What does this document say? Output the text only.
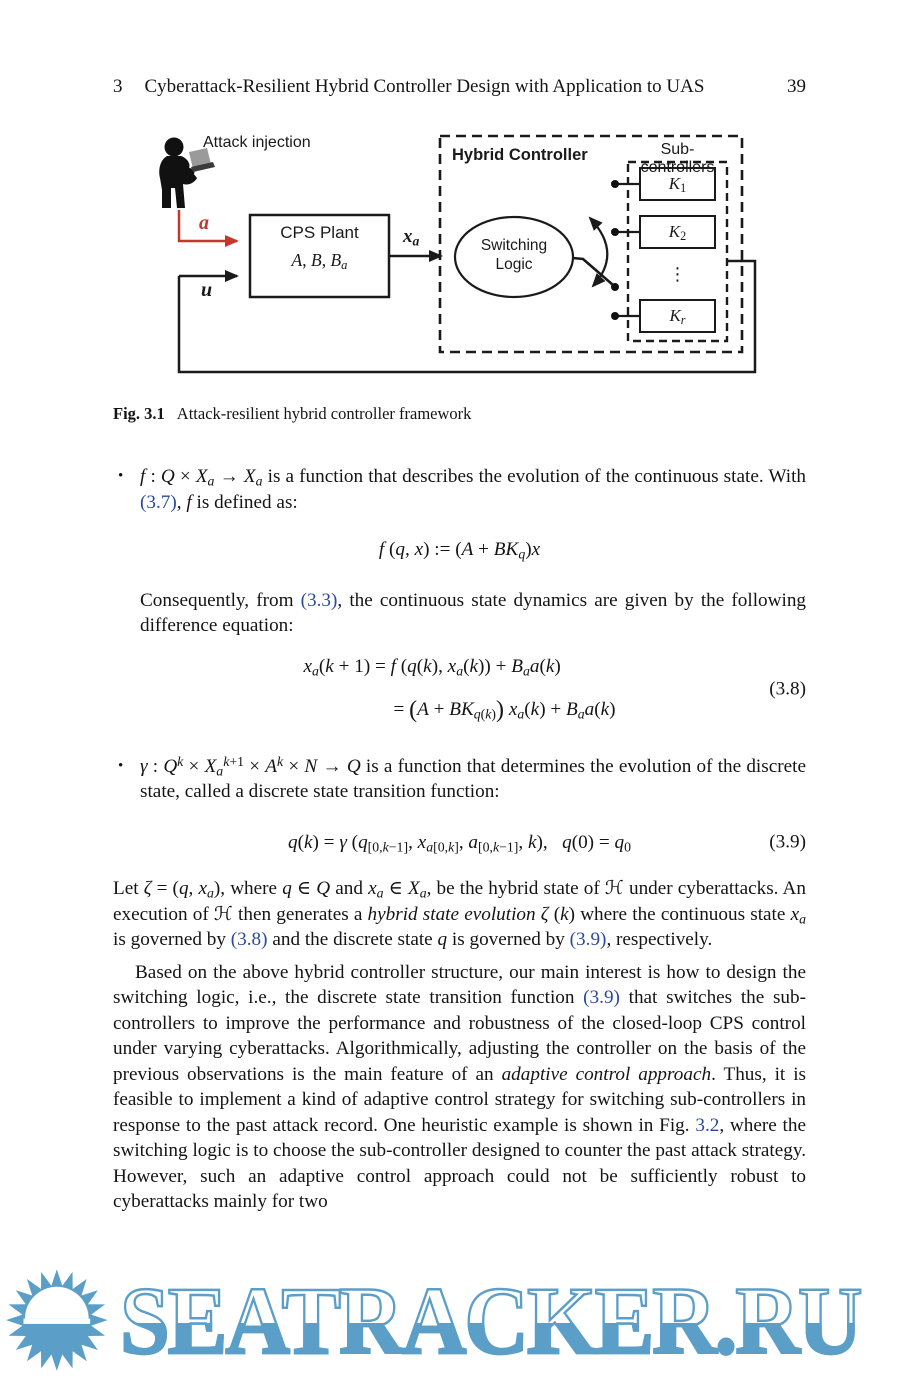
3 Cyberattack-Resilient Hybrid Controller Design with Application to UAS	39
Attack injection
a
u
$x_a$
CPS Plant
A, B, $B_a$
Hybrid Controller	Sub-controllers
Switching
Logic
$K_1$
$K_2$
⋮
$K_r$
Fig. 3.1 Attack-resilient hybrid controller framework
• f : $Q \times X_a \to X_a$ is a function that describes the evolution of the continuous state. With (3.7), f is defined as:
f (q, x) := $(A + BK_q)x$
Consequently, from (3.3), the continuous state dynamics are given by the following difference equation:
$x_a(k + 1) = f$ (q(k), $x_a(k)) + B_aa(k)$
= $(A + BK_{q(k)})$ $x_a(k) + B_aa(k)$
(3.8)
• γ : $Q^k \times X_a^{k+1} \times A^k \times N \to Q$ is a function that determines the evolution of the discrete state, called a discrete state transition function:
q(k) = γ ($q_{[0,k-1]}$, $x_{a[0,k]}$, $a_{[0,k-1]}$, k),   $q(0) = q_0$	(3.9)
Let ζ = (q, $x_a$), where q ∈ Q and $x_a$ ∈ $X_a$, be the hybrid state of ℋ under cyberattacks. An execution of ℋ then generates a hybrid state evolution ζ (k) where the continuous state $x_a$ is governed by (3.8) and the discrete state q is governed by (3.9), respectively.
Based on the above hybrid controller structure, our main interest is how to design the switching logic, i.e., the discrete state transition function (3.9) that switches the sub-controllers to improve the performance and robustness of the closed-loop CPS control under varying cyberattacks. Algorithmically, adjusting the controller on the basis of the previous observations is the main feature of an adaptive control approach. Thus, it is feasible to implement a kind of adaptive control strategy for switching sub-controllers in response to the past attack record. One heuristic example is shown in Fig. 3.2, where the switching logic is to choose the sub-controller designed to counter the past attack strategy. However, such an adaptive control approach could not be sufficiently robust to cyberattacks mainly for two
SEATRACKER.RU
